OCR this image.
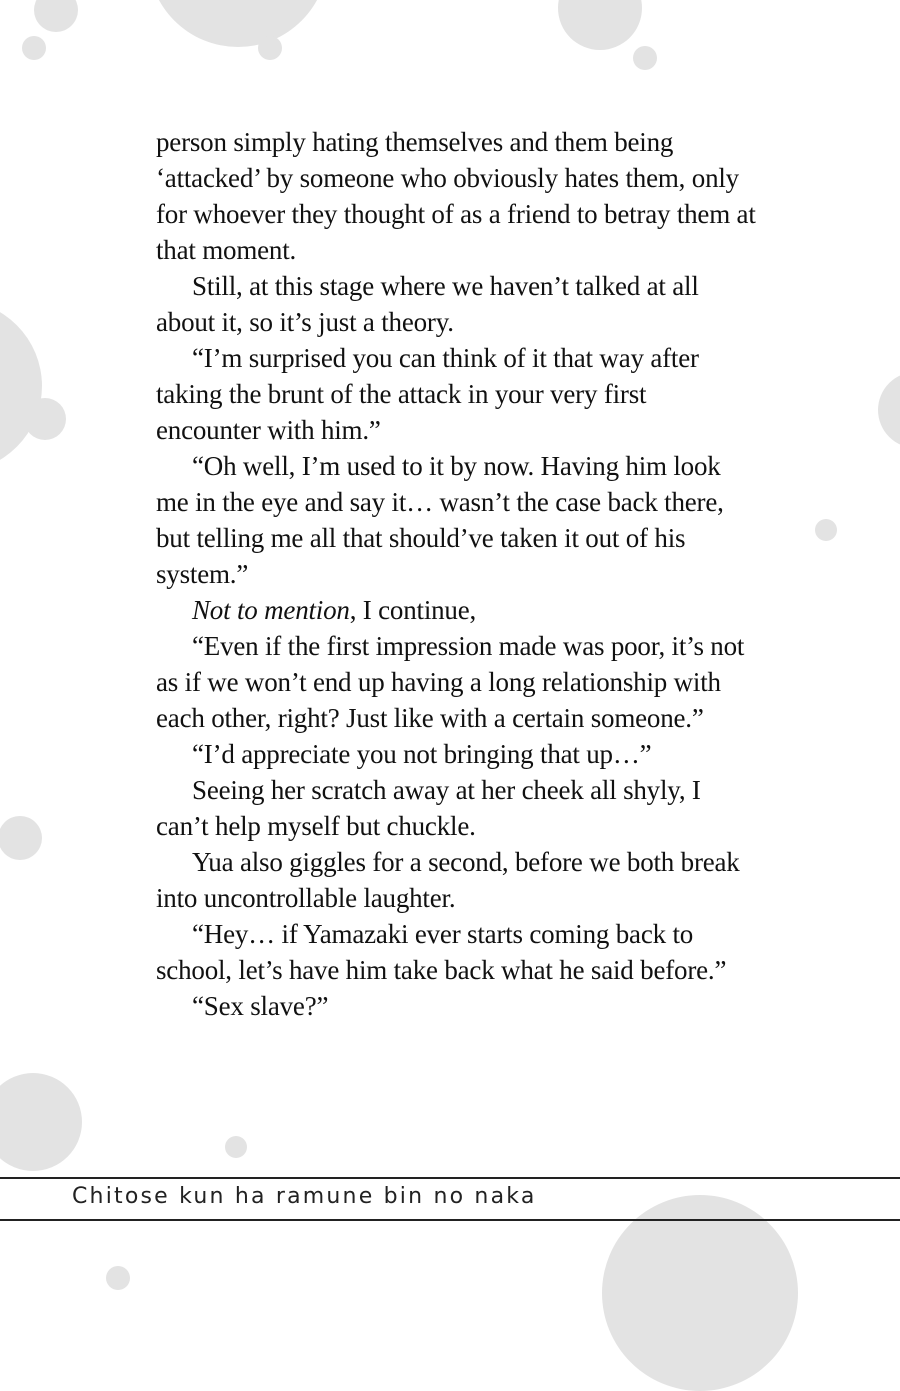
person simply hating themselves and them being ‘attacked’ by someone who obviously hates them, only for whoever they thought of as a friend to betray them at that moment.

Still, at this stage where we haven’t talked at all about it, so it’s just a theory.

“I’m surprised you can think of it that way after taking the brunt of the attack in your very first encounter with him.”

“Oh well, I’m used to it by now. Having him look me in the eye and say it… wasn’t the case back there, but telling me all that should’ve taken it out of his system.”

Not to mention, I continue,

“Even if the first impression made was poor, it’s not as if we won’t end up having a long relationship with each other, right? Just like with a certain someone.”

“I’d appreciate you not bringing that up…”

Seeing her scratch away at her cheek all shyly, I can’t help myself but chuckle.

Yua also giggles for a second, before we both break into uncontrollable laughter.

“Hey… if Yamazaki ever starts coming back to school, let’s have him take back what he said before.”

“Sex slave?”

Chitose kun ha ramune bin no naka
